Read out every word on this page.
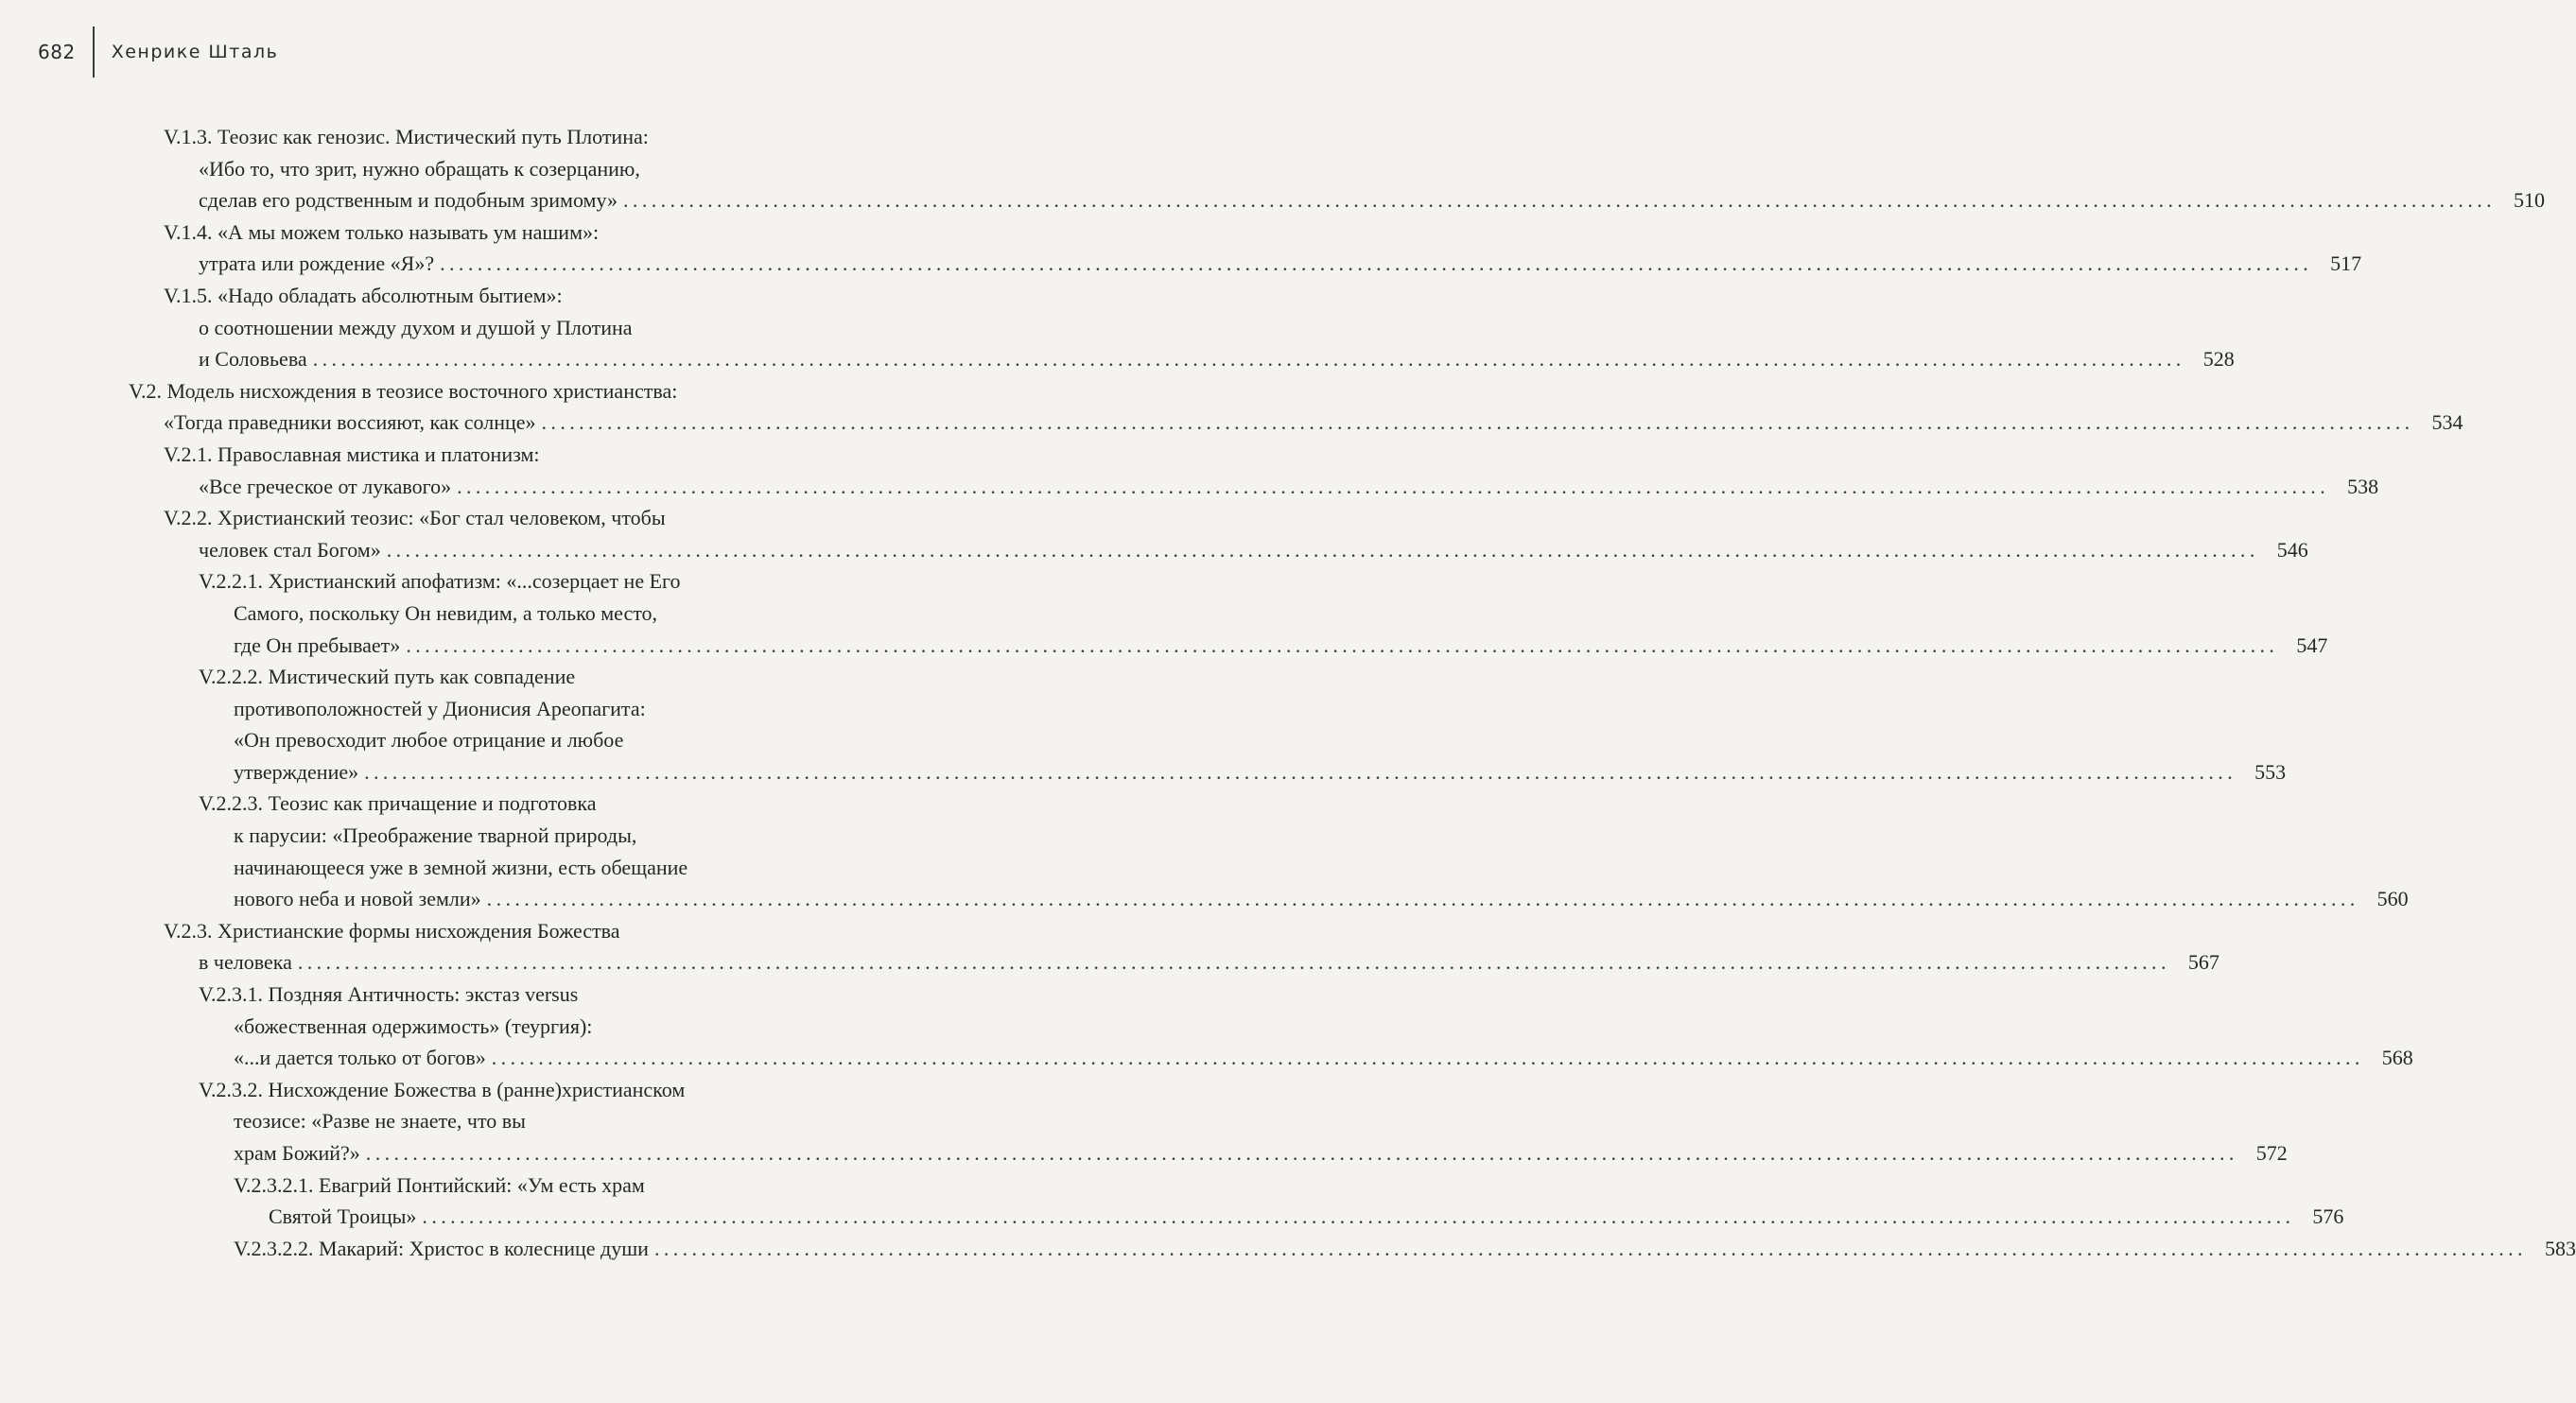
682 Хенрике Шталь
V.1.3. Теозис как генозис. Мистический путь Плотина:
«Ибо то, что зрит, нужно обращать к созерцанию,
сделав его родственным и подобным зримому» ........................................................................................................................................................................................................ 510
V.1.4. «А мы можем только называть ум нашим»:
утрата или рождение «Я»? ........................................................................................................................................................................................................ 517
V.1.5. «Надо обладать абсолютным бытием»:
о соотношении между духом и душой у Плотина
и Соловьева ........................................................................................................................................................................................................ 528
V.2. Модель нисхождения в теозисе восточного христианства:
«Тогда праведники воссияют, как солнце» ........................................................................................................................................................................................................ 534
V.2.1. Православная мистика и платонизм:
«Все греческое от лукавого» ........................................................................................................................................................................................................ 538
V.2.2. Христианский теозис: «Бог стал человеком, чтобы
человек стал Богом» ........................................................................................................................................................................................................ 546
V.2.2.1. Христианский апофатизм: «...созерцает не Его
Самого, поскольку Он невидим, а только место,
где Он пребывает» ........................................................................................................................................................................................................ 547
V.2.2.2. Мистический путь как совпадение
противоположностей у Дионисия Ареопагита:
«Он превосходит любое отрицание и любое
утверждение» ........................................................................................................................................................................................................ 553
V.2.2.3. Теозис как причащение и подготовка
к парусии: «Преображение тварной природы,
начинающееся уже в земной жизни, есть обещание
нового неба и новой земли» ........................................................................................................................................................................................................ 560
V.2.3. Христианские формы нисхождения Божества
в человека ........................................................................................................................................................................................................ 567
V.2.3.1. Поздняя Античность: экстаз versus
«божественная одержимость» (теургия):
«...и дается только от богов» ........................................................................................................................................................................................................ 568
V.2.3.2. Нисхождение Божества в (ранне)христианском
теозисе: «Разве не знаете, что вы
храм Божий?» ........................................................................................................................................................................................................ 572
V.2.3.2.1. Евагрий Понтийский: «Ум есть храм
Святой Троицы» ........................................................................................................................................................................................................ 576
V.2.3.2.2. Макарий: Христос в колеснице души ........................................................................................................................................................................................................ 583
